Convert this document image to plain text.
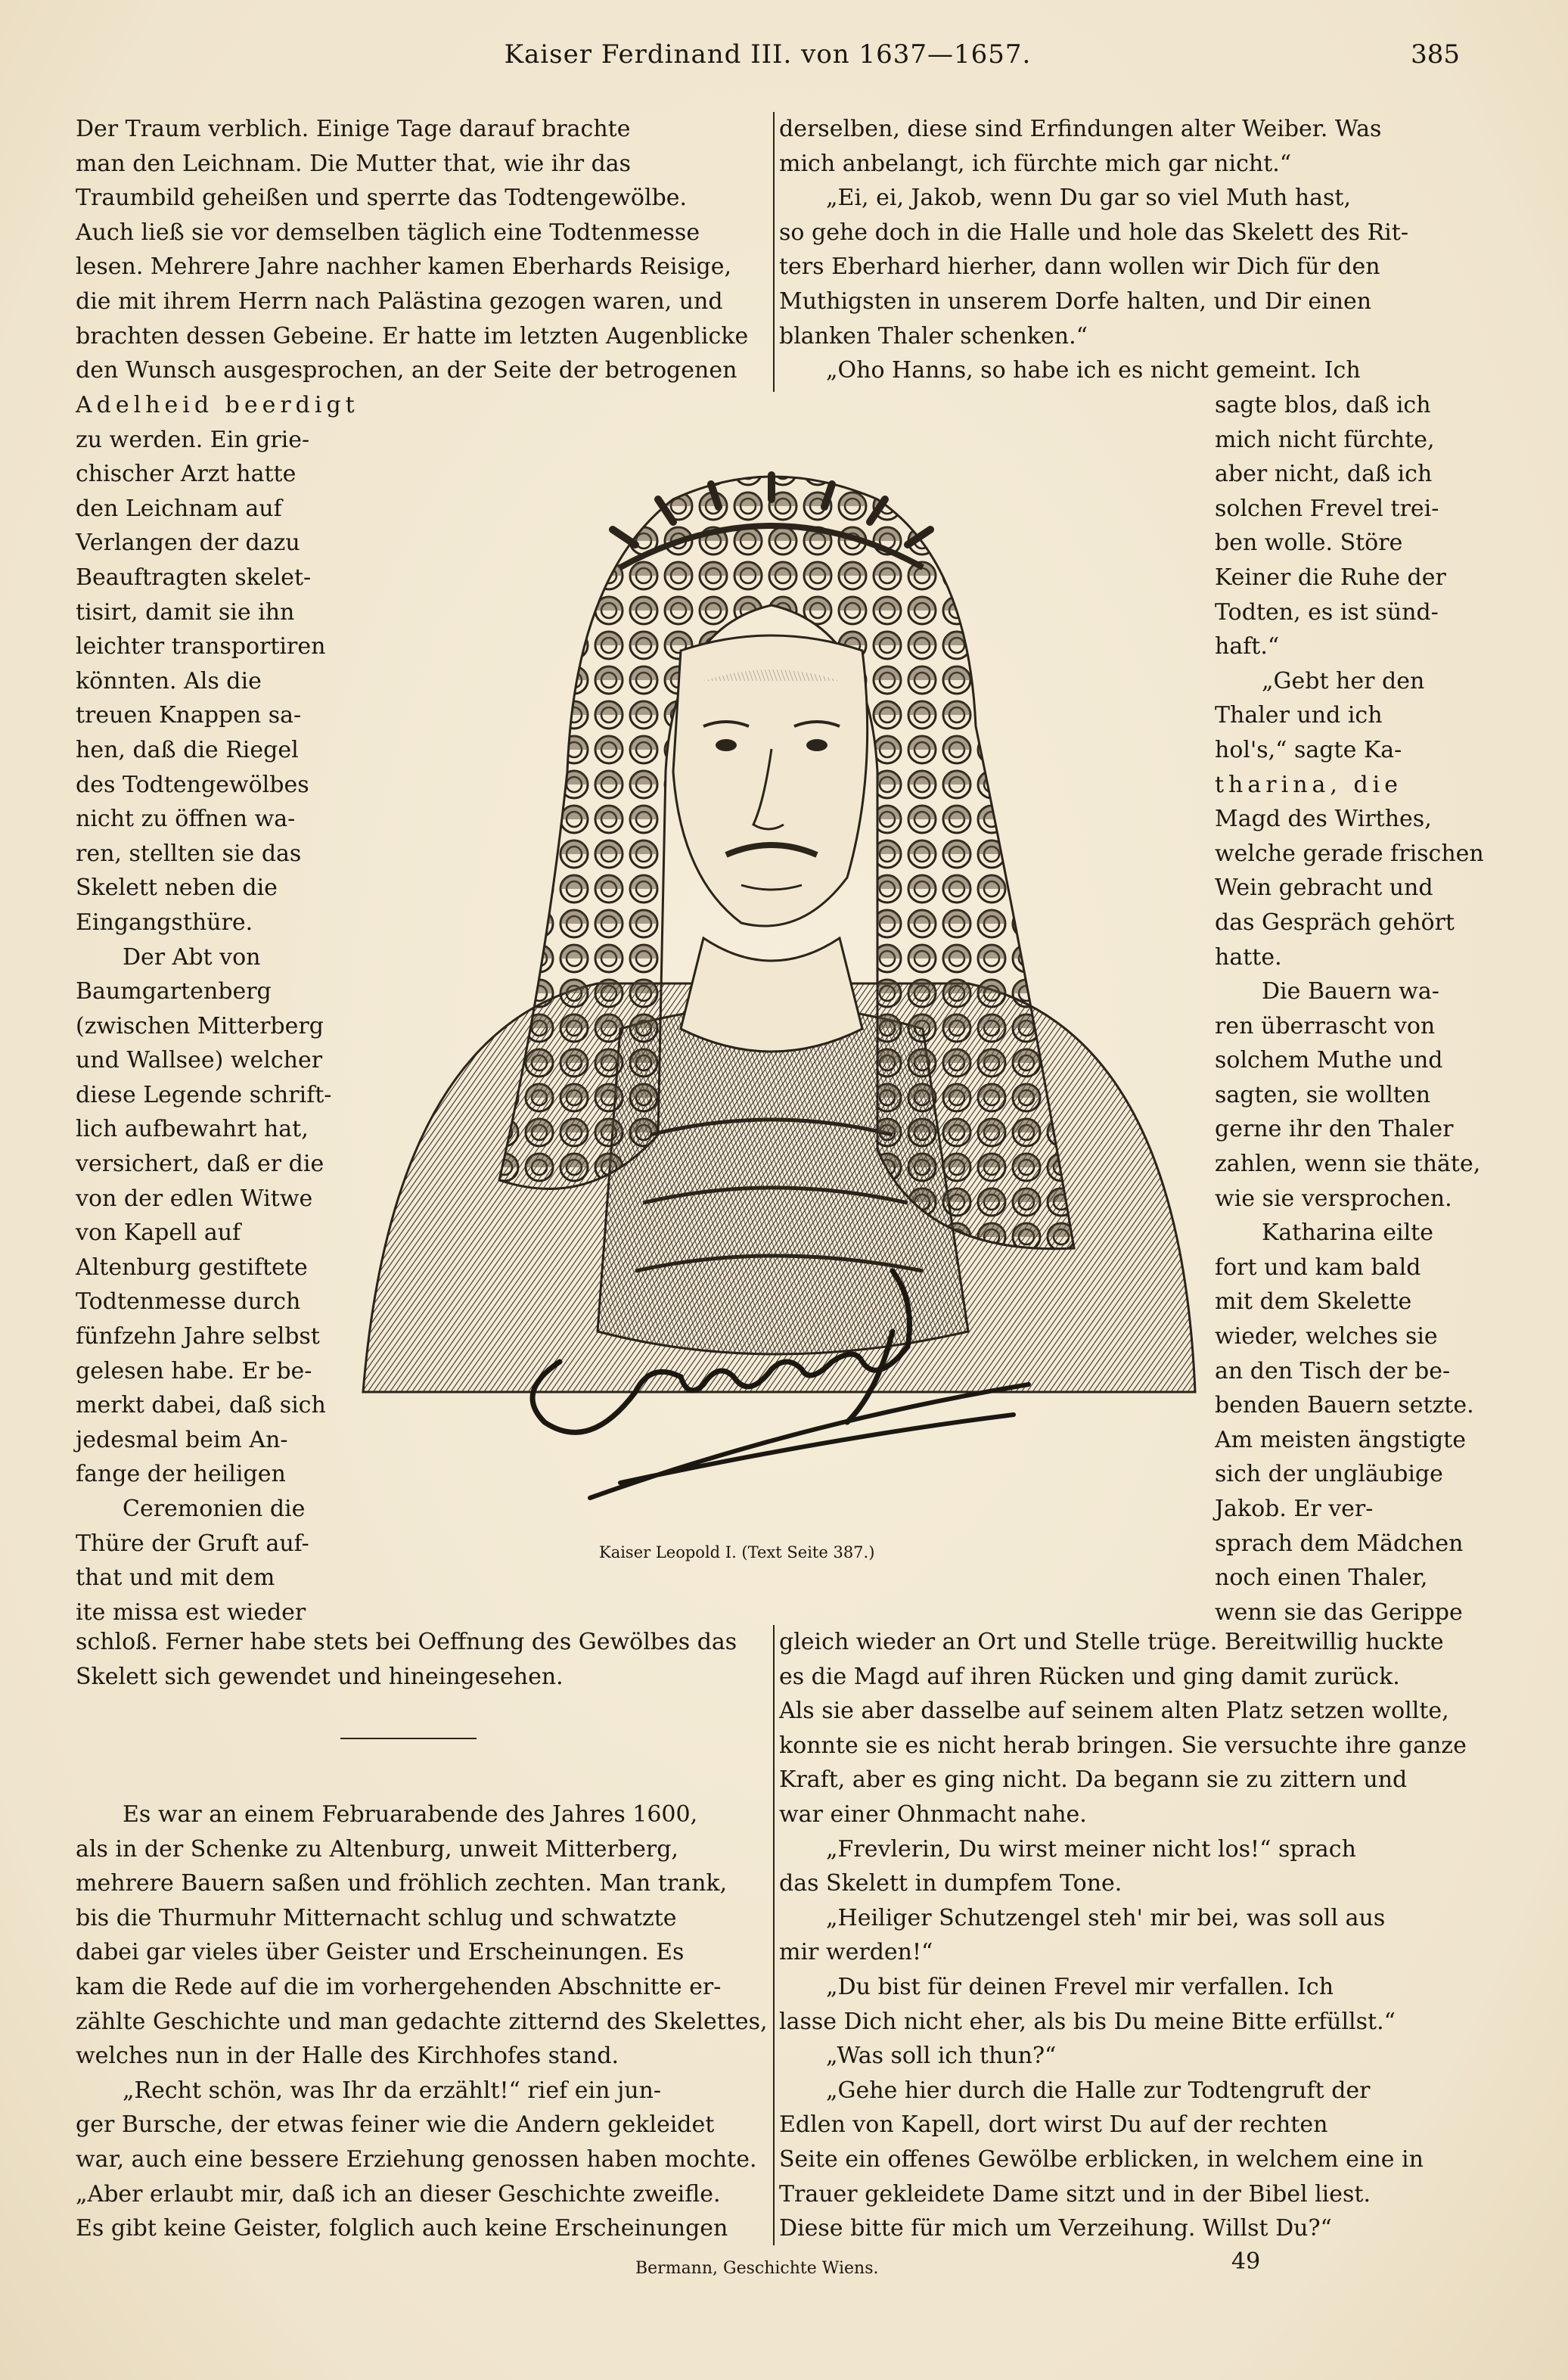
Kaiser Ferdinand III. von 1637—1657.	385
Der Traum verblich. Einige Tage darauf brachte
man den Leichnam. Die Mutter that, wie ihr das
Traumbild geheißen und sperrte das Todtengewölbe.
Auch ließ sie vor demselben täglich eine Todtenmesse
lesen. Mehrere Jahre nachher kamen Eberhards Reisige,
die mit ihrem Herrn nach Palästina gezogen waren, und
brachten dessen Gebeine. Er hatte im letzten Augenblicke
den Wunsch ausgesprochen, an der Seite der betrogenen
Adelheid beerdigt
zu werden. Ein grie-
chischer Arzt hatte
den Leichnam auf
Verlangen der dazu
Beauftragten skelet-
tisirt, damit sie ihn
leichter transportiren
könnten. Als die
treuen Knappen sa-
hen, daß die Riegel
des Todtengewölbes
nicht zu öffnen wa-
ren, stellten sie das
Skelett neben die
Eingangsthüre.
Der Abt von
Baumgartenberg
(zwischen Mitterberg
und Wallsee) welcher
diese Legende schrift-
lich aufbewahrt hat,
versichert, daß er die
von der edlen Witwe
von Kapell auf
Altenburg gestiftete
Todtenmesse durch
fünfzehn Jahre selbst
gelesen habe. Er be-
merkt dabei, daß sich
jedesmal beim An-
fange der heiligen
Ceremonien die
Thüre der Gruft auf-
that und mit dem
ite missa est wieder
schloß. Ferner habe stets bei Oeffnung des Gewölbes das
Skelett sich gewendet und hineingesehen.
Es war an einem Februarabende des Jahres 1600,
als in der Schenke zu Altenburg, unweit Mitterberg,
mehrere Bauern saßen und fröhlich zechten. Man trank,
bis die Thurmuhr Mitternacht schlug und schwatzte
dabei gar vieles über Geister und Erscheinungen. Es
kam die Rede auf die im vorhergehenden Abschnitte er-
zählte Geschichte und man gedachte zitternd des Skelettes,
welches nun in der Halle des Kirchhofes stand.
„Recht schön, was Ihr da erzählt!“ rief ein jun-
ger Bursche, der etwas feiner wie die Andern gekleidet
war, auch eine bessere Erziehung genossen haben mochte.
„Aber erlaubt mir, daß ich an dieser Geschichte zweifle.
Es gibt keine Geister, folglich auch keine Erscheinungen
derselben, diese sind Erfindungen alter Weiber. Was
mich anbelangt, ich fürchte mich gar nicht.“
„Ei, ei, Jakob, wenn Du gar so viel Muth hast,
so gehe doch in die Halle und hole das Skelett des Rit-
ters Eberhard hierher, dann wollen wir Dich für den
Muthigsten in unserem Dorfe halten, und Dir einen
blanken Thaler schenken.“
„Oho Hanns, so habe ich es nicht gemeint. Ich
sagte blos, daß ich
mich nicht fürchte,
aber nicht, daß ich
solchen Frevel trei-
ben wolle. Störe
Keiner die Ruhe der
Todten, es ist sünd-
haft.“
„Gebt her den
Thaler und ich
hol's,“ sagte Ka-
tharina, die
Magd des Wirthes,
welche gerade frischen
Wein gebracht und
das Gespräch gehört
hatte.
Die Bauern wa-
ren überrascht von
solchem Muthe und
sagten, sie wollten
gerne ihr den Thaler
zahlen, wenn sie thäte,
wie sie versprochen.
Katharina eilte
fort und kam bald
mit dem Skelette
wieder, welches sie
an den Tisch der be-
benden Bauern setzte.
Am meisten ängstigte
sich der ungläubige
Jakob. Er ver-
sprach dem Mädchen
noch einen Thaler,
wenn sie das Gerippe
gleich wieder an Ort und Stelle trüge. Bereitwillig huckte
es die Magd auf ihren Rücken und ging damit zurück.
Als sie aber dasselbe auf seinem alten Platz setzen wollte,
konnte sie es nicht herab bringen. Sie versuchte ihre ganze
Kraft, aber es ging nicht. Da begann sie zu zittern und
war einer Ohnmacht nahe.
„Frevlerin, Du wirst meiner nicht los!“ sprach
das Skelett in dumpfem Tone.
„Heiliger Schutzengel steh' mir bei, was soll aus
mir werden!“
„Du bist für deinen Frevel mir verfallen. Ich
lasse Dich nicht eher, als bis Du meine Bitte erfüllst.“
„Was soll ich thun?“
„Gehe hier durch die Halle zur Todtengruft der
Edlen von Kapell, dort wirst Du auf der rechten
Seite ein offenes Gewölbe erblicken, in welchem eine in
Trauer gekleidete Dame sitzt und in der Bibel liest.
Diese bitte für mich um Verzeihung. Willst Du?“
Kaiser Leopold I. (Text Seite 387.)
Bermann, Geschichte Wiens.	49
